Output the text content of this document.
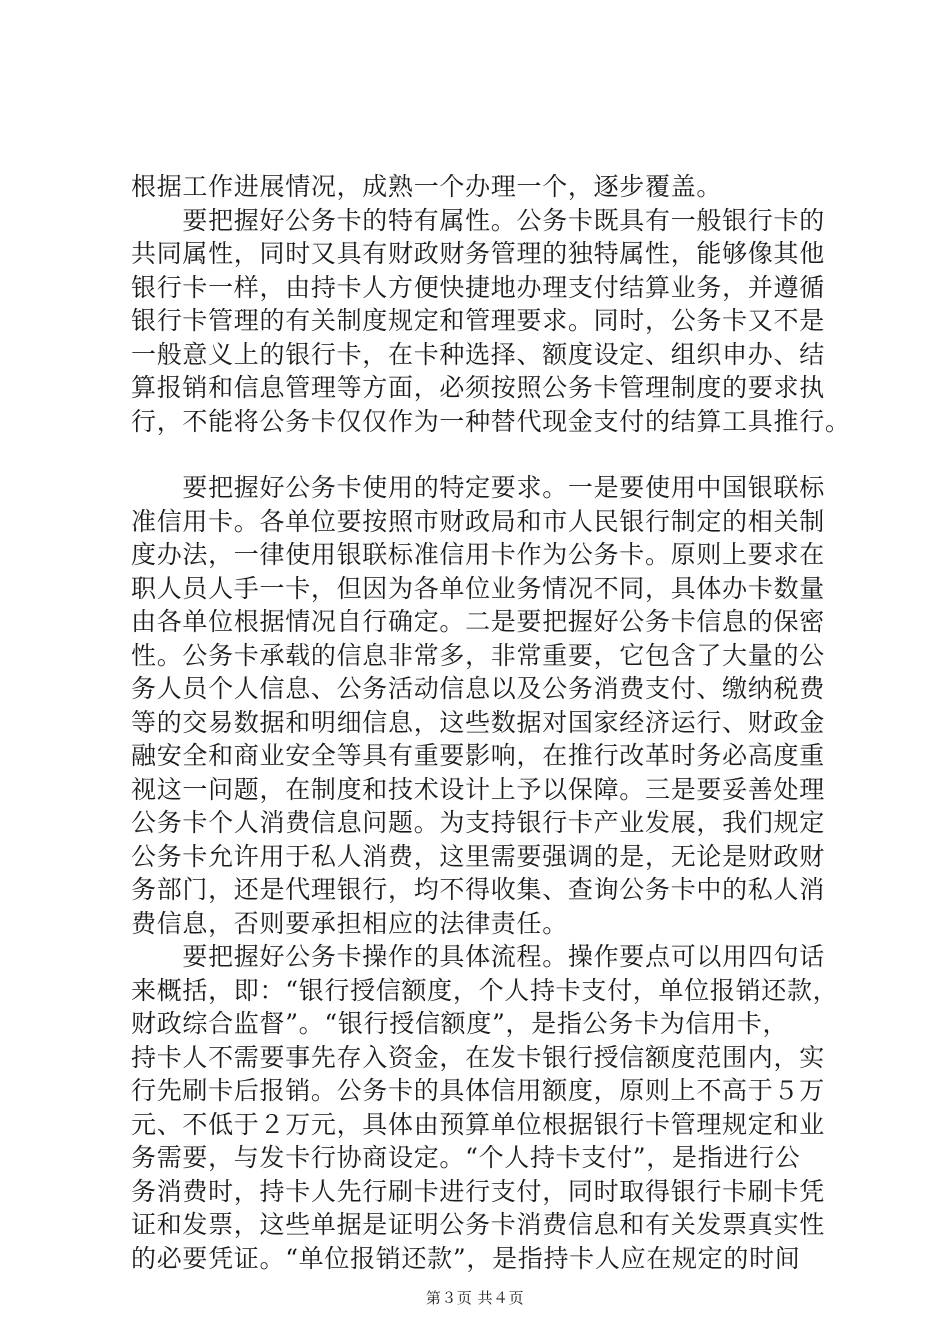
根据工作进展情况，成熟一个办理一个，逐步覆盖。
　　要把握好公务卡的特有属性。公务卡既具有一般银行卡的
共同属性，同时又具有财政财务管理的独特属性，能够像其他
银行卡一样，由持卡人方便快捷地办理支付结算业务，并遵循
银行卡管理的有关制度规定和管理要求。同时，公务卡又不是
一般意义上的银行卡，在卡种选择、额度设定、组织申办、结
算报销和信息管理等方面，必须按照公务卡管理制度的要求执
行，不能将公务卡仅仅作为一种替代现金支付的结算工具推行。
　　要把握好公务卡使用的特定要求。一是要使用中国银联标
准信用卡。各单位要按照市财政局和市人民银行制定的相关制
度办法，一律使用银联标准信用卡作为公务卡。原则上要求在
职人员人手一卡，但因为各单位业务情况不同，具体办卡数量
由各单位根据情况自行确定。二是要把握好公务卡信息的保密
性。公务卡承载的信息非常多，非常重要，它包含了大量的公
务人员个人信息、公务活动信息以及公务消费支付、缴纳税费
等的交易数据和明细信息，这些数据对国家经济运行、财政金
融安全和商业安全等具有重要影响，在推行改革时务必高度重
视这一问题，在制度和技术设计上予以保障。三是要妥善处理
公务卡个人消费信息问题。为支持银行卡产业发展，我们规定
公务卡允许用于私人消费，这里需要强调的是，无论是财政财
务部门，还是代理银行，均不得收集、查询公务卡中的私人消
费信息，否则要承担相应的法律责任。
　　要把握好公务卡操作的具体流程。操作要点可以用四句话
来概括，即：“银行授信额度，个人持卡支付，单位报销还款，
财政综合监督”。“银行授信额度”，是指公务卡为信用卡，
持卡人不需要事先存入资金，在发卡银行授信额度范围内，实
行先刷卡后报销。公务卡的具体信用额度，原则上不高于５万
元、不低于２万元，具体由预算单位根据银行卡管理规定和业
务需要，与发卡行协商设定。“个人持卡支付”，是指进行公
务消费时，持卡人先行刷卡进行支付，同时取得银行卡刷卡凭
证和发票，这些单据是证明公务卡消费信息和有关发票真实性
的必要凭证。“单位报销还款”，是指持卡人应在规定的时间
第３页 共４页
